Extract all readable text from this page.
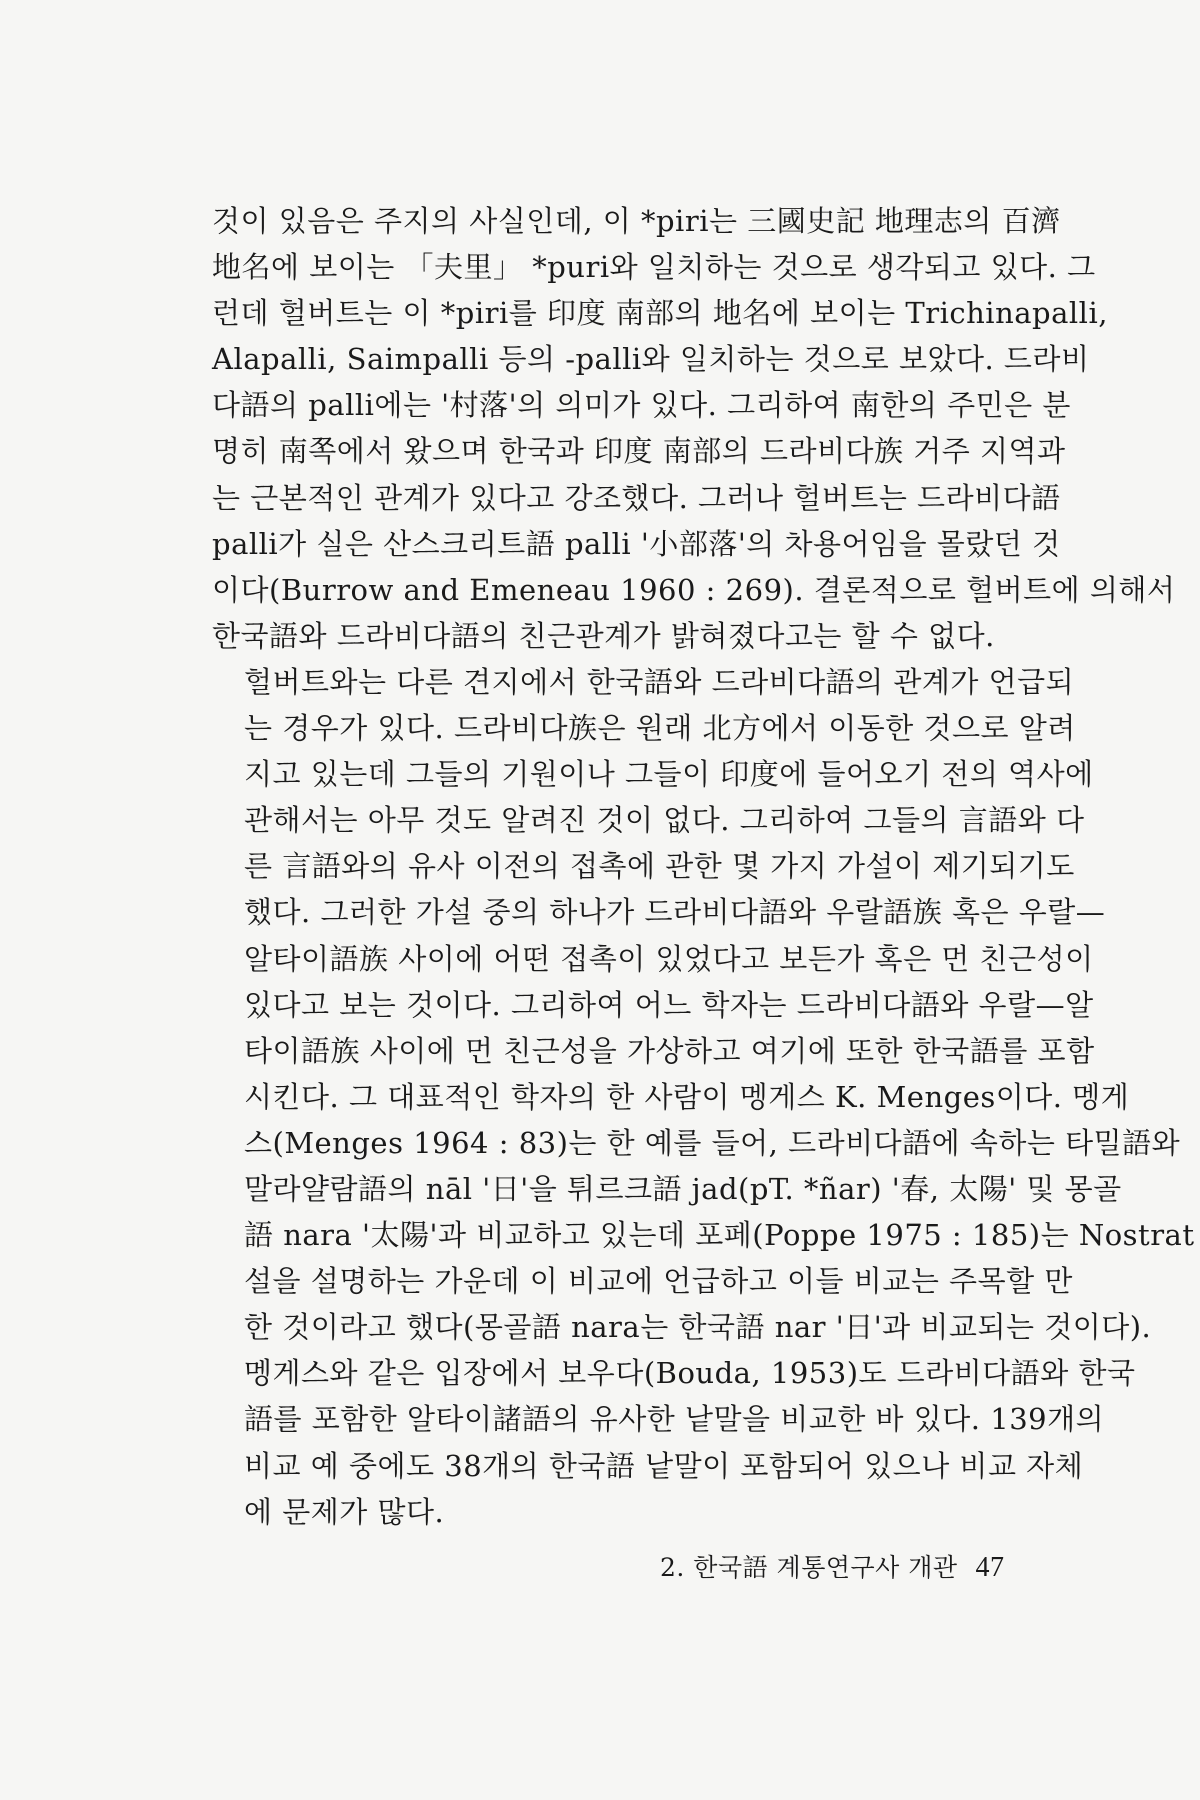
것이 있음은 주지의 사실인데, 이 *piri는 三國史記 地理志의 百濟
地名에 보이는 「夫里」 *puri와 일치하는 것으로 생각되고 있다. 그
런데 헐버트는 이 *piri를 印度 南部의 地名에 보이는 Trichinapalli,
Alapalli, Saimpalli 등의 -palli와 일치하는 것으로 보았다. 드라비
다語의 palli에는 '村落'의 의미가 있다. 그리하여 南한의 주민은 분
명히 南쪽에서 왔으며 한국과 印度 南部의 드라비다族 거주 지역과
는 근본적인 관계가 있다고 강조했다. 그러나 헐버트는 드라비다語
palli가 실은 산스크리트語 palli '小部落'의 차용어임을 몰랐던 것
이다(Burrow and Emeneau 1960 : 269). 결론적으로 헐버트에 의해서
한국語와 드라비다語의 친근관계가 밝혀졌다고는 할 수 없다.
헐버트와는 다른 견지에서 한국語와 드라비다語의 관계가 언급되
는 경우가 있다. 드라비다族은 원래 北方에서 이동한 것으로 알려
지고 있는데 그들의 기원이나 그들이 印度에 들어오기 전의 역사에
관해서는 아무 것도 알려진 것이 없다. 그리하여 그들의 言語와 다
른 言語와의 유사 이전의 접촉에 관한 몇 가지 가설이 제기되기도
했다. 그러한 가설 중의 하나가 드라비다語와 우랄語族 혹은 우랄—
알타이語族 사이에 어떤 접촉이 있었다고 보든가 혹은 먼 친근성이
있다고 보는 것이다. 그리하여 어느 학자는 드라비다語와 우랄—알
타이語族 사이에 먼 친근성을 가상하고 여기에 또한 한국語를 포함
시킨다. 그 대표적인 학자의 한 사람이 멩게스 K. Menges이다. 멩게
스(Menges 1964 : 83)는 한 예를 들어, 드라비다語에 속하는 타밀語와
말라얄람語의 nāl '日'을 튀르크語 jad(pT. *ñar) '春, 太陽' 및 몽골
語 nara '太陽'과 비교하고 있는데 포페(Poppe 1975 : 185)는 Nostrat
설을 설명하는 가운데 이 비교에 언급하고 이들 비교는 주목할 만
한 것이라고 했다(몽골語 nara는 한국語 nar '日'과 비교되는 것이다).
멩게스와 같은 입장에서 보우다(Bouda, 1953)도 드라비다語와 한국
語를 포함한 알타이諸語의 유사한 낱말을 비교한 바 있다. 139개의
비교 예 중에도 38개의 한국語 낱말이 포함되어 있으나 비교 자체
에 문제가 많다.
2. 한국語 계통연구사 개관 47
